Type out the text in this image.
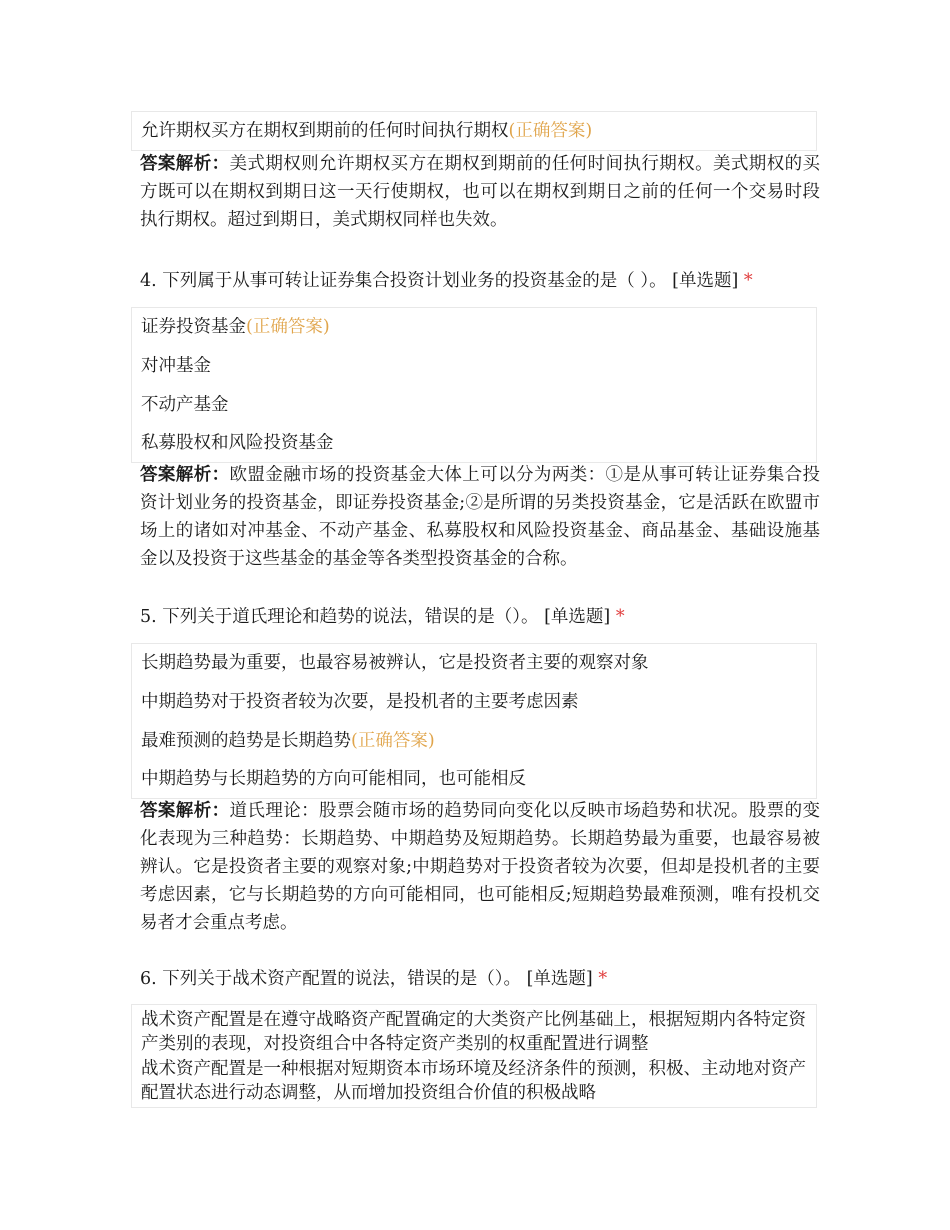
允许期权买方在期权到期前的任何时间执行期权(正确答案)
答案解析：美式期权则允许期权买方在期权到期前的任何时间执行期权。美式期权的买方既可以在期权到期日这一天行使期权，也可以在期权到期日之前的任何一个交易时段执行期权。超过到期日，美式期权同样也失效。
4. 下列属于从事可转让证券集合投资计划业务的投资基金的是（ ）。 [单选题] *
证券投资基金(正确答案)
对冲基金
不动产基金
私募股权和风险投资基金
答案解析：欧盟金融市场的投资基金大体上可以分为两类：①是从事可转让证券集合投资计划业务的投资基金，即证券投资基金;②是所谓的另类投资基金，它是活跃在欧盟市场上的诸如对冲基金、不动产基金、私募股权和风险投资基金、商品基金、基础设施基金以及投资于这些基金的基金等各类型投资基金的合称。
5. 下列关于道氏理论和趋势的说法，错误的是（）。 [单选题] *
长期趋势最为重要，也最容易被辨认，它是投资者主要的观察对象
中期趋势对于投资者较为次要，是投机者的主要考虑因素
最难预测的趋势是长期趋势(正确答案)
中期趋势与长期趋势的方向可能相同，也可能相反
答案解析：道氏理论：股票会随市场的趋势同向变化以反映市场趋势和状况。股票的变化表现为三种趋势：长期趋势、中期趋势及短期趋势。长期趋势最为重要，也最容易被辨认。它是投资者主要的观察对象;中期趋势对于投资者较为次要，但却是投机者的主要考虑因素，它与长期趋势的方向可能相同，也可能相反;短期趋势最难预测，唯有投机交易者才会重点考虑。
6. 下列关于战术资产配置的说法，错误的是（）。 [单选题] *
战术资产配置是在遵守战略资产配置确定的大类资产比例基础上，根据短期内各特定资产类别的表现，对投资组合中各特定资产类别的权重配置进行调整
战术资产配置是一种根据对短期资本市场环境及经济条件的预测，积极、主动地对资产配置状态进行动态调整，从而增加投资组合价值的积极战略
